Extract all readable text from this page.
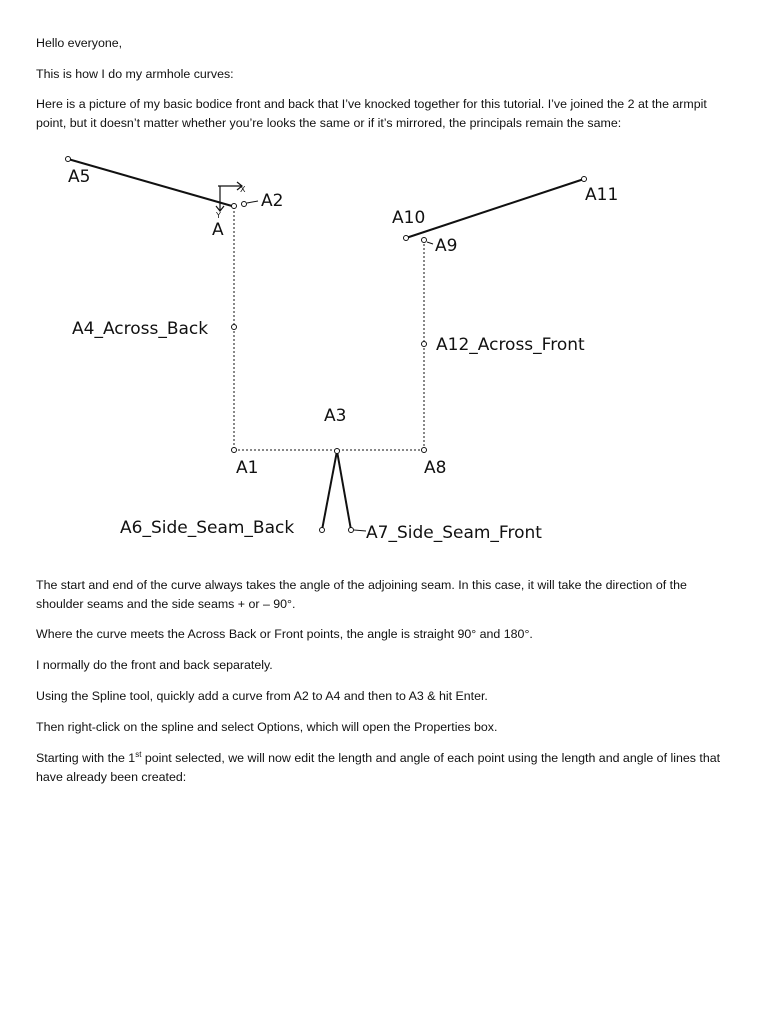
Hello everyone,

This is how I do my armhole curves:

Here is a picture of my basic bodice front and back that I’ve knocked together for this tutorial. I’ve joined the 2 at the armpit point, but it doesn’t matter whether you’re looks the same or if it’s mirrored, the principals remain the same:

A5
A2
A
X
Y	A10
A11
A9
A4_Across_Back
A12_Across_Front
A3
A1	A8
A6_Side_Seam_Back	A7_Side_Seam_Front

The start and end of the curve always takes the angle of the adjoining seam. In this case, it will take the direction of the shoulder seams and the side seams + or – 90°.

Where the curve meets the Across Back or Front points, the angle is straight 90° and 180°.

I normally do the front and back separately.

Using the Spline tool, quickly add a curve from A2 to A4 and then to A3 & hit Enter.

Then right-click on the spline and select Options, which will open the Properties box.

Starting with the 1st point selected, we will now edit the length and angle of each point using the length and angle of lines that have already been created:
